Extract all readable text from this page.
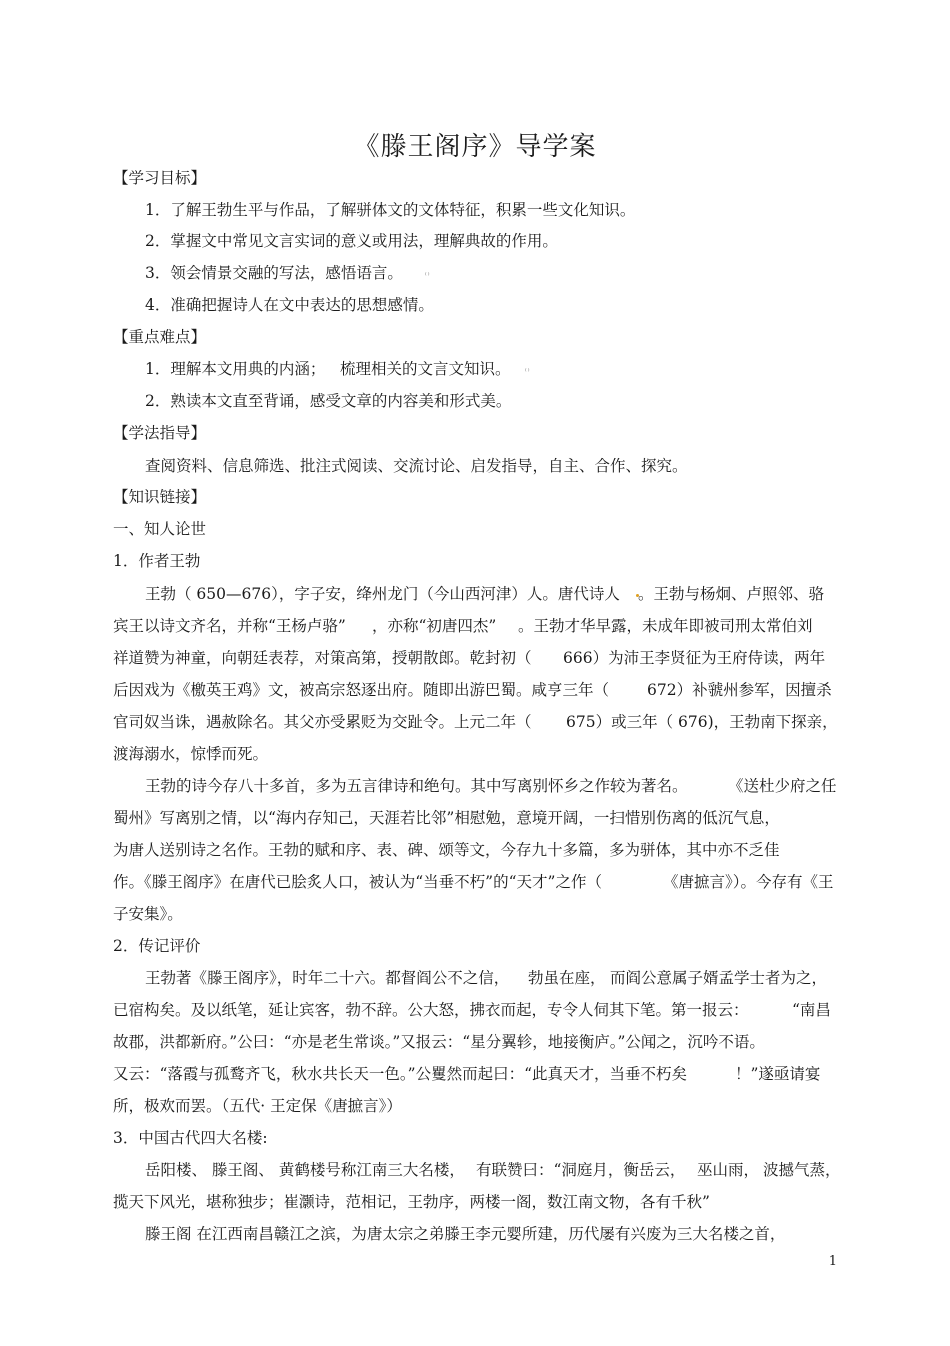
《滕王阁序》导学案
【学习目标】
1．了解王勃生平与作品，了解骈体文的文体特征，积累一些文化知识。
2．掌握文中常见文言实词的意义或用法，理解典故的作用。
3．领会情景交融的写法，感悟语言。	( )
4．准确把握诗人在文中表达的思想感情。
【重点难点】
1．理解本文用典的内涵； 梳理相关的文言文知识。	( )
2．熟读本文直至背诵，感受文章的内容美和形式美。
【学法指导】
查阅资料、信息筛选、批注式阅读、交流讨论、启发指导，自主、合作、探究。
【知识链接】
一、知人论世
1．作者王勃
王勃（ 650—676），字子安，绛州龙门（今山西河津）人。唐代诗人 。王勃与杨炯、卢照邻、骆
宾王以诗文齐名，并称“王杨卢骆” ，亦称“初唐四杰” 。王勃才华早露，未成年即被司刑太常伯刘
祥道赞为神童，向朝廷表荐，对策高第，授朝散郎。乾封初（ 666）为沛王李贤征为王府侍读，两年
后因戏为《檄英王鸡》文，被高宗怒逐出府。随即出游巴蜀。咸亨三年（ 672）补虢州参军，因擅杀
官司奴当诛，遇赦除名。其父亦受累贬为交趾令。上元二年（ 675）或三年（ 676)，王勃南下探亲，
渡海溺水，惊悸而死。
王勃的诗今存八十多首，多为五言律诗和绝句。其中写离别怀乡之作较为著名。	《送杜少府之任
蜀州》写离别之情，以“海内存知己，天涯若比邻”相慰勉，意境开阔，一扫惜别伤离的低沉气息，
为唐人送别诗之名作。王勃的赋和序、表、碑、颂等文，今存九十多篇，多为骈体，其中亦不乏佳
作。《滕王阁序》在唐代已脍炙人口，被认为“当垂不朽”的“天才”之作（	《唐摭言》）。今存有《王
子安集》。
2．传记评价
王勃著《滕王阁序》，时年二十六。都督阎公不之信， 勃虽在座， 而阎公意属子婿孟学士者为之，
已宿构矣。及以纸笔，延让宾客，勃不辞。公大怒，拂衣而起，专令人伺其下笔。第一报云：	“南昌
故郡，洪都新府。”公曰：“亦是老生常谈。”又报云：“星分翼轸，地接衡庐。”公闻之，沉吟不语。
又云：“落霞与孤鹜齐飞，秋水共长天一色。”公矍然而起曰：“此真天才，当垂不朽矣	！”遂亟请宴
所，极欢而罢。（五代· 王定保《唐摭言》）
3．中国古代四大名楼:
岳阳楼、 滕王阁、 黄鹤楼号称江南三大名楼， 有联赞曰：“洞庭月，衡岳云， 巫山雨， 波撼气蒸，
揽天下风光，堪称独步；崔灏诗，范相记，王勃序，两楼一阁，数江南文物，各有千秋”
滕王阁 在江西南昌赣江之滨，为唐太宗之弟滕王李元婴所建，历代屡有兴废为三大名楼之首，
1
